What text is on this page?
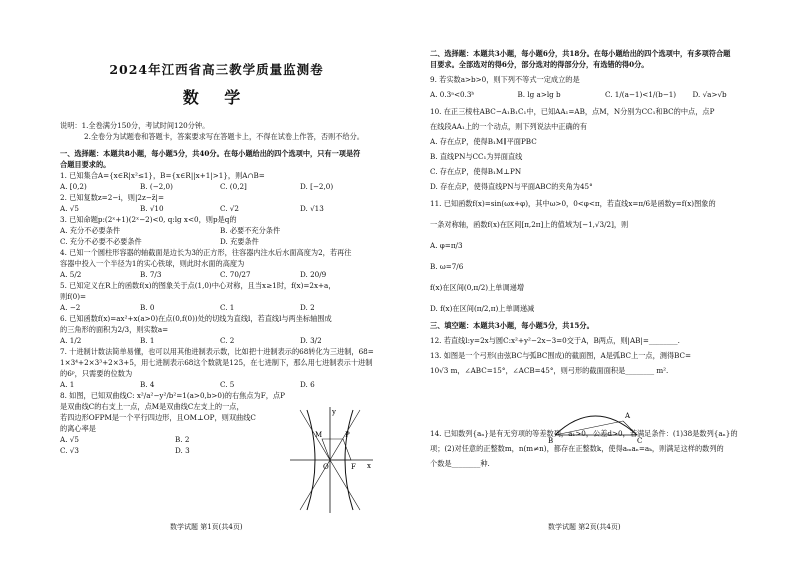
2024年江西省高三教学质量监测卷
数 学
说明：1.全卷满分150分，考试时间120分钟。
2.全卷分为试题卷和答题卡，答案要求写在答题卡上，不得在试卷上作答，否则不给分。
一、选择题：本题共8小题，每小题5分，共40分。在每小题给出的四个选项中，只有一项是符
合题目要求的。
1. 已知集合A={x∈R|x²≤1}，B={x∈R||x+1|>1}，则A∩B=
A. [0,2)	B. (−2,0)	C. (0,2]	D. [−2,0)
2. 已知复数z=2−i，则|2z−z̄|=
A. √5	B. √10	C. √2	D. √13
3. 已知命题p:(2ˣ+1)(2ˣ−2)<0, q:lg x<0，则p是q的
A. 充分不必要条件	B. 必要不充分条件
C. 充分不必要不必要条件	D. 充要条件
4. 已知一个圆柱形容器的轴截面是边长为3的正方形，往容器内注水后水面高度为2，若再往
容器中投入一个半径为1的实心铁球，则此时水面的高度为
A. 5/2	B. 7/3	C. 70/27	D. 20/9
5. 已知定义在R上的函数f(x)的图象关于点(1,0)中心对称，且当x≥1时，f(x)=2x+a，
则f(0)=
A. −2	B. 0	C. 1	D. 2
6. 已知函数f(x)=ax²+x(a>0)在点(0,f(0))处的切线为直线l，若直线l与两坐标轴围成
的三角形的面积为2/3，则实数a=
A. 1/2	B. 1	C. 2	D. 3/2
7. 十进制计数法简单易懂，也可以用其他进制表示数，比如把十进制表示的68转化为三进制，68=
1×3⁴+2×3³+2×3+5，用七进制表示68这个数就是125，在七进制下，那么用七进制表示十进制
的6ᵖ，只需要的位数为
A. 1	B. 4	C. 5	D. 6
8. 如图，已知双曲线C: x²/a²−y²/b²=1(a>0,b>0)的右焦点为F，点P
是双曲线C的右支上一点，点M是双曲线C左支上的一点，
若四边形OFPM是一个平行四边形，且OM⊥OP，则双曲线C
的离心率是
A. √5	B. 2
C. √3	D. 3
y
x
O	F
P
M
二、选择题：本题共3小题，每小题6分，共18分。在每小题给出的四个选项中，有多项符合题
目要求。全部选对的得6分，部分选对的得部分分，有选错的得0分。
9. 若实数a>b>0，则下列不等式一定成立的是
A. 0.3ᵃ<0.3ᵇ	B. lg a>lg b	C. 1/(a−1)<1/(b−1)	D. √a>√b
10. 在正三棱柱ABC−A₁B₁C₁中，已知AA₁=AB，点M，N分别为CC₁和BC的中点，点P
在线段AA₁上的一个动点，则下列说法中正确的有
A. 存在点P，使得B₁M∥平面PBC
B. 直线PN与CC₁为异面直线
C. 存在点P，使得B₁M⊥PN
D. 存在点P，使得直线PN与平面ABC的夹角为45°
11. 已知函数f(x)=sin(ωx+φ)，其中ω>0，0<φ<π，若直线x=π/6是函数y=f(x)图象的
一条对称轴，函数f(x)在区间[π,2π]上的值域为[−1,√3/2]，则
A. φ=π/3
B. ω=7/6
f(x)在区间(0,π/2)上单调递增
D. f(x)在区间(π/2,π)上单调递减
三、填空题：本题共3小题，每小题5分，共15分。
12. 若直线l:y=2x与圆C:x²+y²−2x−3=0交于A，B两点，则|AB|=________.
13. 如图是一个弓形(由弦BC与弧BC围成)的截面图，A是弧BC上一点，测得BC=
10√3 m，∠ABC=15°，∠ACB=45°，则弓形的截面面积是________ m².
14. 已知数列{aₙ}是有无穷项的等差数列，a₁>0，公差d>0，若满足条件：(1)38是数列{aₙ}的
项；(2)对任意的正整数m，n(m≠n)，都存在正整数k，使得aₘaₙ=aₖ，则满足这样的数列的
个数是________种.
A
B	C
数学试题 第1页(共4页)	数学试题 第2页(共4页)
